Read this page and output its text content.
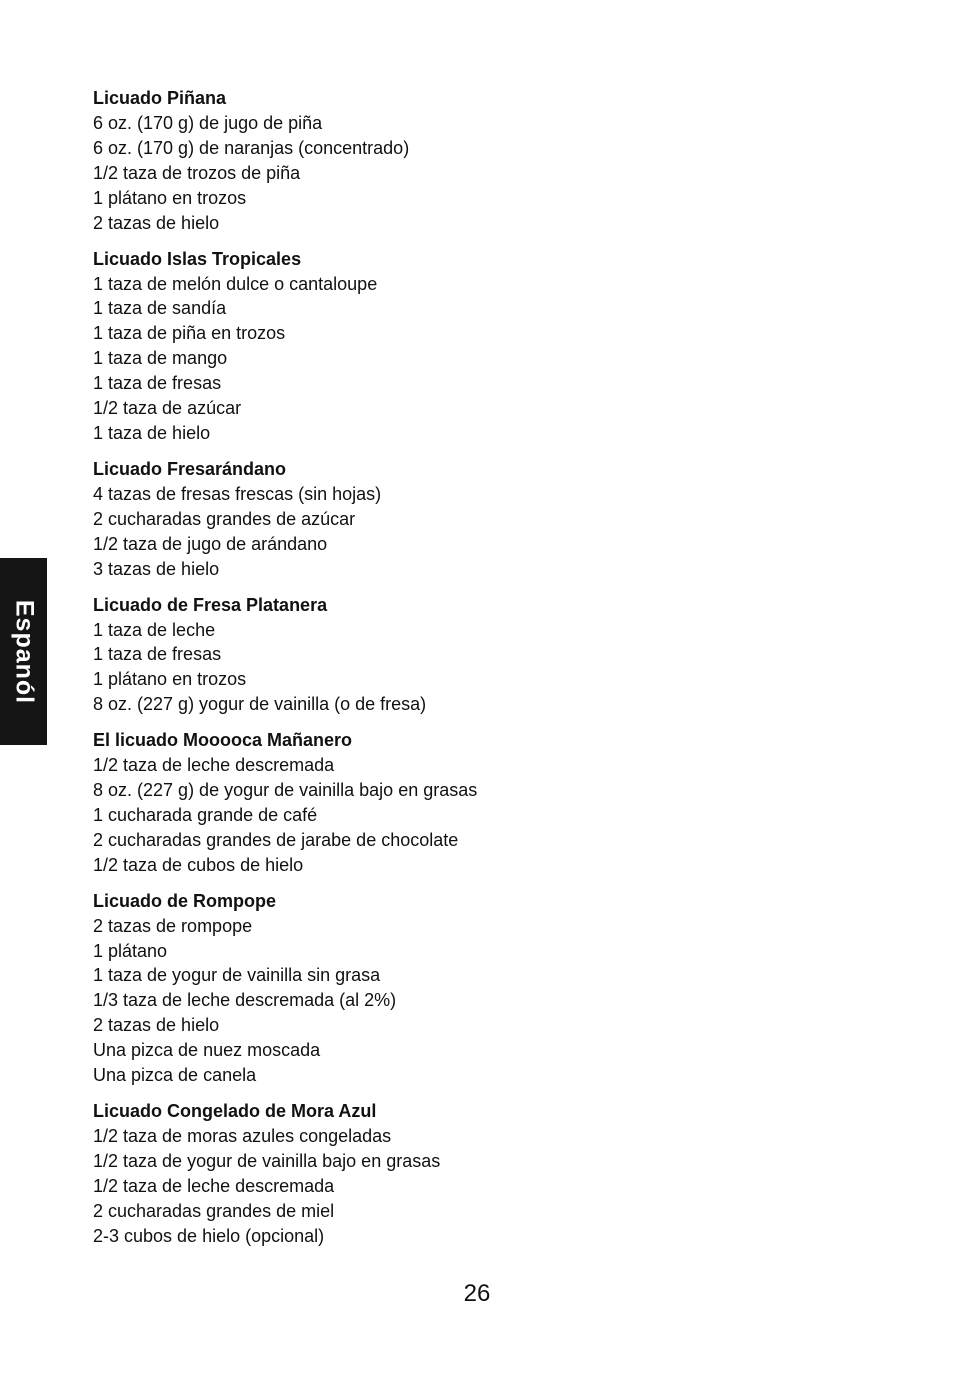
Espanól
Licuado Piñana
6 oz. (170 g) de jugo de piña
6 oz. (170 g) de naranjas (concentrado)
1/2 taza de trozos de piña
1 plátano en trozos
2 tazas de hielo
Licuado Islas Tropicales
1 taza de melón dulce o cantaloupe
1 taza de sandía
1 taza de piña en trozos
1 taza de mango
1 taza de fresas
1/2 taza de azúcar
1 taza de hielo
Licuado Fresarándano
4 tazas de fresas frescas (sin hojas)
2 cucharadas grandes de azúcar
1/2 taza de jugo de arándano
3 tazas de hielo
Licuado de Fresa Platanera
1 taza de leche
1 taza de fresas
1 plátano en trozos
8 oz. (227 g) yogur de vainilla (o de fresa)
El licuado Mooooca Mañanero
1/2 taza de leche descremada
8 oz. (227 g) de yogur de vainilla bajo en grasas
1 cucharada grande de café
2 cucharadas grandes de jarabe de chocolate
1/2 taza de cubos de hielo
Licuado de Rompope
2 tazas de rompope
1 plátano
1 taza de yogur de vainilla sin grasa
1/3 taza de leche descremada (al 2%)
2 tazas de hielo
Una pizca de nuez moscada
Una pizca de canela
Licuado Congelado de Mora Azul
1/2 taza de moras azules congeladas
1/2 taza de yogur de vainilla bajo en grasas
1/2 taza de leche descremada
2 cucharadas grandes de miel
2-3 cubos de hielo (opcional)
26
